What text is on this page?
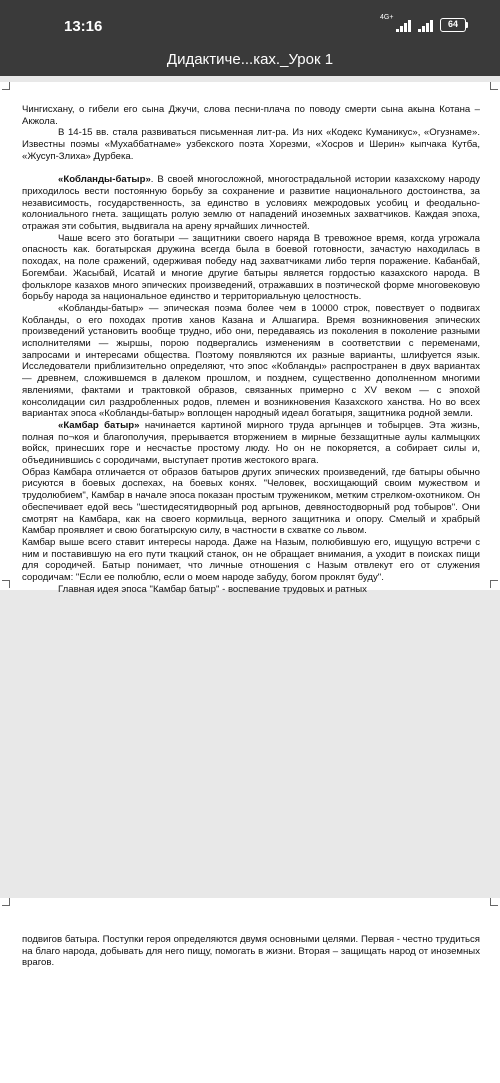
13:16
4G+
64
Дидактиче...ках._Урок 1

Чингисхану, о гибели его сына Джучи, слова песни-плача по поводу смерти сына акына Котана – Акжола.

В 14-15 вв. стала развиваться письменная лит-ра. Из них «Кодекс Куманикус», «Огузнаме». Известны поэмы «Мухаббатнаме» узбекского поэта Хорезми, «Хосров и Шерин» кыпчака Кутба, «Жусуп-Злиха» Дурбека.

«Кобланды-батыр». В своей многосложной, многострадальной истории казахскому народу приходилось вести постоянную борьбу за сохранение и развитие национального достоинства, за независимость, государственность, за единство в условиях межродовых усобиц и феодально-колониального гнета. защищать ролую землю от нападений иноземных захватчиков. Каждая эпоха, отражая эти события, выдвигала на арену ярчайших личностей.

Чаше всего это богатыри — защитники своего наряда В тревожное время, когда угрожала опасность как. богатырская дружина всегда была в боевой готовности, зачастую находилась в походах, на поле сражений, одерживая победу над захватчиками либо терпя поражение. Кабанбай, Богембаи. Жасыбай, Исатай и многие другие батыры является гордостью казахского народа. В фольклоре казахов много эпических произведений, отражавших в поэтической форме многовековую борьбу народа за национальное единство и территориальную целостность.

«Кобланды-батыр» — эпическая поэма более чем в 10000 строк, повествует о подвигах Кобланды, о его походах против ханов Казана и Алшагира. Время возникновения эпических произведений установить вообще трудно, ибо они, передаваясь из поколения в поколение разными исполнителями — жыршы, порою подвергались изменениям в соответствии с переменами, запросами и интересами общества. Поэтому появляются их разные варианты, шлифуется язык. Исследователи приблизительно определяют, что эпос «Кобланды» распространен в двух вариантах — древнем, сложившемся в далеком прошлом, и позднем, существенно дополненном многими явлениями, фактами и трактовкой образов, связанных примерно с XV веком — с эпохой консолидации сил раздробленных родов, племен и возникновения Казахского ханства. Но во всех вариантах эпоса «Кобланды-батыр» воплощен народный идеал богатыря, защитника родной земли.

«Камбар батыр» начинается картиной мирного труда аргынцев и тобырцев. Эта жизнь, полная по¬коя и благополучия, прерывается вторжением в мирные беззащитные аулы калмыцких войск, принесших горе и несчастье простому люду. Но он не покоряется, а собирает силы и, объединившись с сородичами, выступает против жестокого врага.

Образ Камбара отличается от образов батыров других эпических произведений, где батыры обычно рисуются в боевых доспехах, на боевых конях. "Человек, восхищающий своим мужеством и трудолюбием", Камбар в начале эпоса показан простым тружеником, метким стрелком-охотником. Он обеспечивает едой весь "шестидесятидворный род аргынов, девяностодворный род тобыров". Они смотрят на Камбара, как на своего кормильца, верного защитника и опору. Смелый и храбрый Камбар проявляет и свою богатырскую силу, в частности в схватке со львом.

Камбар выше всего ставит интересы народа. Даже на Назым, полюбившую его, ищущую встречи с ним и поставившую на его пути ткацкий станок, он не обращает внимания, а уходит в поисках пищи для сородичей. Батыр понимает, что личные отношения с Назым отвлекут его от служения сородичам: "Если ее полюблю, если о моем народе забуду, богом проклят буду".

Главная идея эпоса "Камбар батыр" - воспевание трудовых и ратных

подвигов батыра. Поступки героя определяются двумя основными целями. Первая - честно трудиться на благо народа, добывать для него пищу, помогать в жизни. Вторая – защищать народ от иноземных врагов.
